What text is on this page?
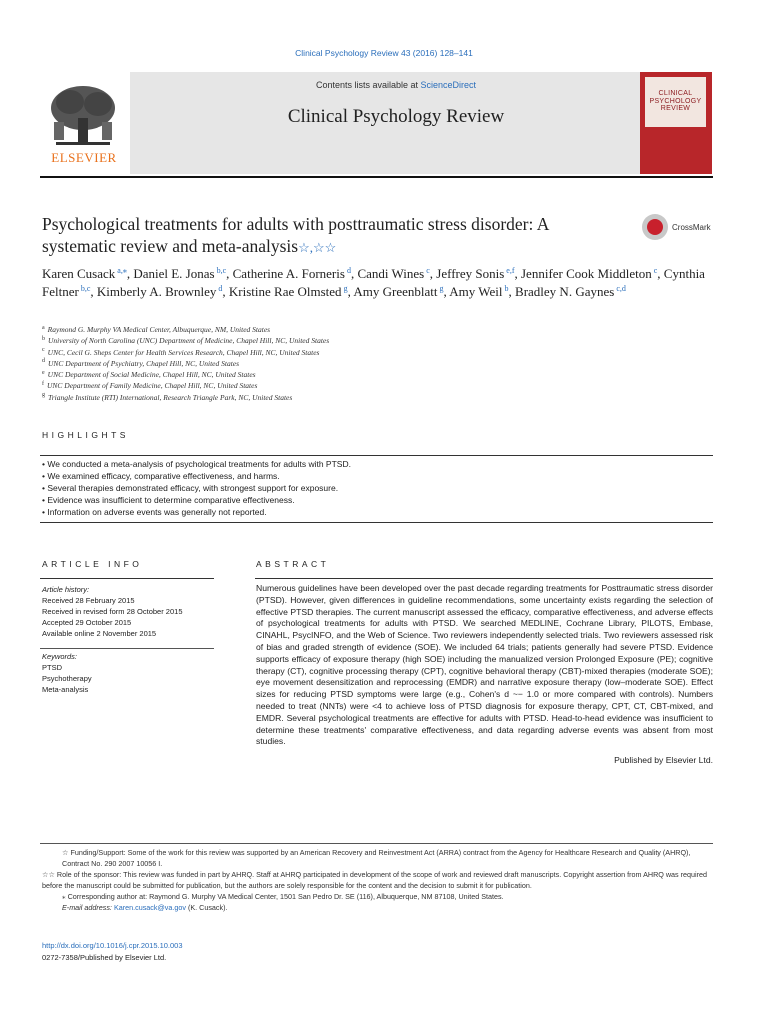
Clinical Psychology Review 43 (2016) 128–141
Contents lists available at ScienceDirect
Clinical Psychology Review
ELSEVIER
CLINICAL PSYCHOLOGY REVIEW
Psychological treatments for adults with posttraumatic stress disorder: A systematic review and meta-analysis☆,☆☆
CrossMark
Karen Cusack $^{a,⁎}$, Daniel E. Jonas $^{b,c}$, Catherine A. Forneris $^d$, Candi Wines $^c$, Jeffrey Sonis $^{e,f}$, Jennifer Cook Middleton $^c$, Cynthia Feltner $^{b,c}$, Kimberly A. Brownley $^d$, Kristine Rae Olmsted $^g$, Amy Greenblatt $^g$, Amy Weil $^b$, Bradley N. Gaynes $^{c,d}$
$^a$ Raymond G. Murphy VA Medical Center, Albuquerque, NM, United States
$^b$ University of North Carolina (UNC) Department of Medicine, Chapel Hill, NC, United States
$^c$ UNC, Cecil G. Sheps Center for Health Services Research, Chapel Hill, NC, United States
$^d$ UNC Department of Psychiatry, Chapel Hill, NC, United States
$^e$ UNC Department of Social Medicine, Chapel Hill, NC, United States
$^f$ UNC Department of Family Medicine, Chapel Hill, NC, United States
$^g$ Triangle Institute (RTI) International, Research Triangle Park, NC, United States
HIGHLIGHTS
• We conducted a meta-analysis of psychological treatments for adults with PTSD.
• We examined efficacy, comparative effectiveness, and harms.
• Several therapies demonstrated efficacy, with strongest support for exposure.
• Evidence was insufficient to determine comparative effectiveness.
• Information on adverse events was generally not reported.
ARTICLE INFO	ABSTRACT
Article history:
Received 28 February 2015
Received in revised form 28 October 2015
Accepted 29 October 2015
Available online 2 November 2015
Keywords:
PTSD
Psychotherapy
Meta-analysis
Numerous guidelines have been developed over the past decade regarding treatments for Posttraumatic stress disorder (PTSD). However, given differences in guideline recommendations, some uncertainty exists regarding the selection of effective PTSD therapies. The current manuscript assessed the efficacy, comparative effectiveness, and adverse effects of psychological treatments for adults with PTSD. We searched MEDLINE, Cochrane Library, PILOTS, Embase, CINAHL, PsycINFO, and the Web of Science. Two reviewers independently selected trials. Two reviewers assessed risk of bias and graded strength of evidence (SOE). We included 64 trials; patients generally had severe PTSD. Evidence supports efficacy of exposure therapy (high SOE) including the manualized version Prolonged Exposure (PE); cognitive therapy (CT), cognitive processing therapy (CPT), cognitive behavioral therapy (CBT)-mixed therapies (moderate SOE); eye movement desensitization and reprocessing (EMDR) and narrative exposure therapy (low–moderate SOE). Effect sizes for reducing PTSD symptoms were large (e.g., Cohen's d ~− 1.0 or more compared with controls). Numbers needed to treat (NNTs) were <4 to achieve loss of PTSD diagnosis for exposure therapy, CPT, CT, CBT-mixed, and EMDR. Several psychological treatments are effective for adults with PTSD. Head-to-head evidence was insufficient to determine these treatments' comparative effectiveness, and data regarding adverse events was absent from most studies.
Published by Elsevier Ltd.
☆ Funding/Support: Some of the work for this review was supported by an American Recovery and Reinvestment Act (ARRA) contract from the Agency for Healthcare Research and Quality (AHRQ), Contract No. 290 2007 10056 I.
☆☆ Role of the sponsor: This review was funded in part by AHRQ. Staff at AHRQ participated in development of the scope of work and reviewed draft manuscripts. Copyright assertion from AHRQ was required before the manuscript could be submitted for publication, but the authors are solely responsible for the content and the decision to submit it for publication.
⁎ Corresponding author at: Raymond G. Murphy VA Medical Center, 1501 San Pedro Dr. SE (116), Albuquerque, NM 87108, United States.
E-mail address: Karen.cusack@va.gov (K. Cusack).
http://dx.doi.org/10.1016/j.cpr.2015.10.003
0272-7358/Published by Elsevier Ltd.
